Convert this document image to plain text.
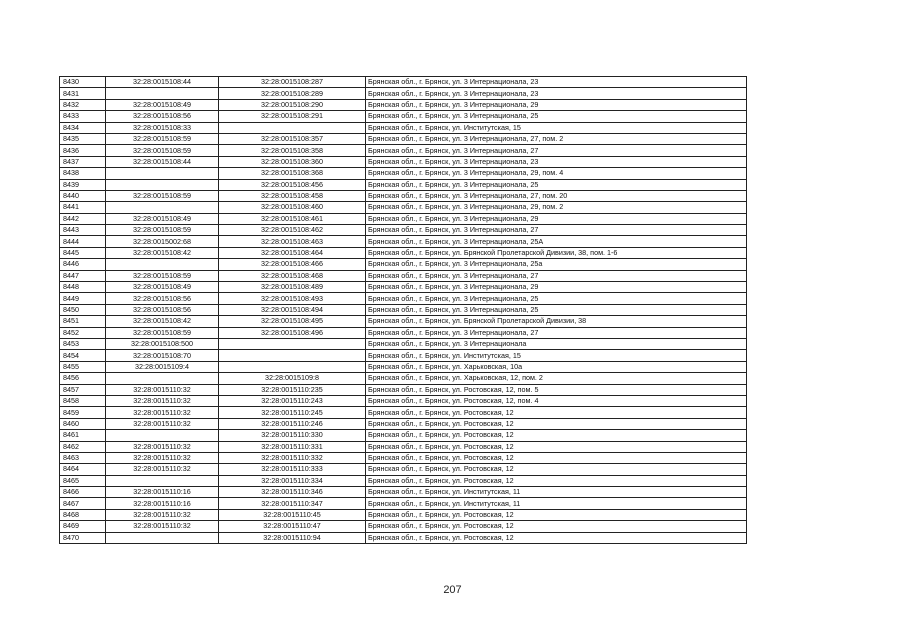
8430	32:28:0015108:44	32:28:0015108:287	Брянская обл., г. Брянск, ул. 3 Интернационала, 23
8431		32:28:0015108:289	Брянская обл., г. Брянск, ул. 3 Интернационала, 23
8432	32:28:0015108:49	32:28:0015108:290	Брянская обл., г. Брянск, ул. 3 Интернационала, 29
8433	32:28:0015108:56	32:28:0015108:291	Брянская обл., г. Брянск, ул. 3 Интернационала, 25
8434	32:28:0015108:33		Брянская обл., г. Брянск, ул. Институтская, 15
8435	32:28:0015108:59	32:28:0015108:357	Брянская обл., г. Брянск, ул. 3 Интернационала, 27, пом. 2
8436	32:28:0015108:59	32:28:0015108:358	Брянская обл., г. Брянск, ул. 3 Интернационала, 27
8437	32:28:0015108:44	32:28:0015108:360	Брянская обл., г. Брянск, ул. 3 Интернационала, 23
8438		32:28:0015108:368	Брянская обл., г. Брянск, ул. 3 Интернационала, 29, пом. 4
8439		32:28:0015108:456	Брянская обл., г. Брянск, ул. 3 Интернационала, 25
8440	32:28:0015108:59	32:28:0015108:458	Брянская обл., г. Брянск, ул. 3 Интернационала, 27, пом. 20
8441		32:28:0015108:460	Брянская обл., г. Брянск, ул. 3 Интернационала, 29, пом. 2
8442	32:28:0015108:49	32:28:0015108:461	Брянская обл., г. Брянск, ул. 3 Интернационала, 29
8443	32:28:0015108:59	32:28:0015108:462	Брянская обл., г. Брянск, ул. 3 Интернационала, 27
8444	32:28:0015002:68	32:28:0015108:463	Брянская обл., г. Брянск, ул. 3 Интернационала, 25А
8445	32:28:0015108:42	32:28:0015108:464	Брянская обл., г. Брянск, ул. Брянской Пролетарской Дивизии, 38, пом. 1-6
8446		32:28:0015108:466	Брянская обл., г. Брянск, ул. 3 Интернационала, 25а
8447	32:28:0015108:59	32:28:0015108:468	Брянская обл., г. Брянск, ул. 3 Интернационала, 27
8448	32:28:0015108:49	32:28:0015108:489	Брянская обл., г. Брянск, ул. 3 Интернационала, 29
8449	32:28:0015108:56	32:28:0015108:493	Брянская обл., г. Брянск, ул. 3 Интернационала, 25
8450	32:28:0015108:56	32:28:0015108:494	Брянская обл., г. Брянск, ул. 3 Интернационала, 25
8451	32:28:0015108:42	32:28:0015108:495	Брянская обл., г. Брянск, ул. Брянской Пролетарской Дивизии, 38
8452	32:28:0015108:59	32:28:0015108:496	Брянская обл., г. Брянск, ул. 3 Интернационала, 27
8453	32:28:0015108:500		Брянская обл., г. Брянск, ул. 3 Интернационала
8454	32:28:0015108:70		Брянская обл., г. Брянск, ул. Институтская, 15
8455	32:28:0015109:4		Брянская обл., г. Брянск, ул. Харьковская, 10а
8456		32:28:0015109:8	Брянская обл., г. Брянск, ул. Харьковская, 12, пом. 2
8457	32:28:0015110:32	32:28:0015110:235	Брянская обл., г. Брянск, ул. Ростовская, 12, пом. 5
8458	32:28:0015110:32	32:28:0015110:243	Брянская обл., г. Брянск, ул. Ростовская, 12, пом. 4
8459	32:28:0015110:32	32:28:0015110:245	Брянская обл., г. Брянск, ул. Ростовская, 12
8460	32:28:0015110:32	32:28:0015110:246	Брянская обл., г. Брянск, ул. Ростовская, 12
8461		32:28:0015110:330	Брянская обл., г. Брянск, ул. Ростовская, 12
8462	32:28:0015110:32	32:28:0015110:331	Брянская обл., г. Брянск, ул. Ростовская, 12
8463	32:28:0015110:32	32:28:0015110:332	Брянская обл., г. Брянск, ул. Ростовская, 12
8464	32:28:0015110:32	32:28:0015110:333	Брянская обл., г. Брянск, ул. Ростовская, 12
8465		32:28:0015110:334	Брянская обл., г. Брянск, ул. Ростовская, 12
8466	32:28:0015110:16	32:28:0015110:346	Брянская обл., г. Брянск, ул. Институтская, 11
8467	32:28:0015110:16	32:28:0015110:347	Брянская обл., г. Брянск, ул. Институтская, 11
8468	32:28:0015110:32	32:28:0015110:45	Брянская обл., г. Брянск, ул. Ростовская, 12
8469	32:28:0015110:32	32:28:0015110:47	Брянская обл., г. Брянск, ул. Ростовская, 12
8470		32:28:0015110:94	Брянская обл., г. Брянск, ул. Ростовская, 12
207
